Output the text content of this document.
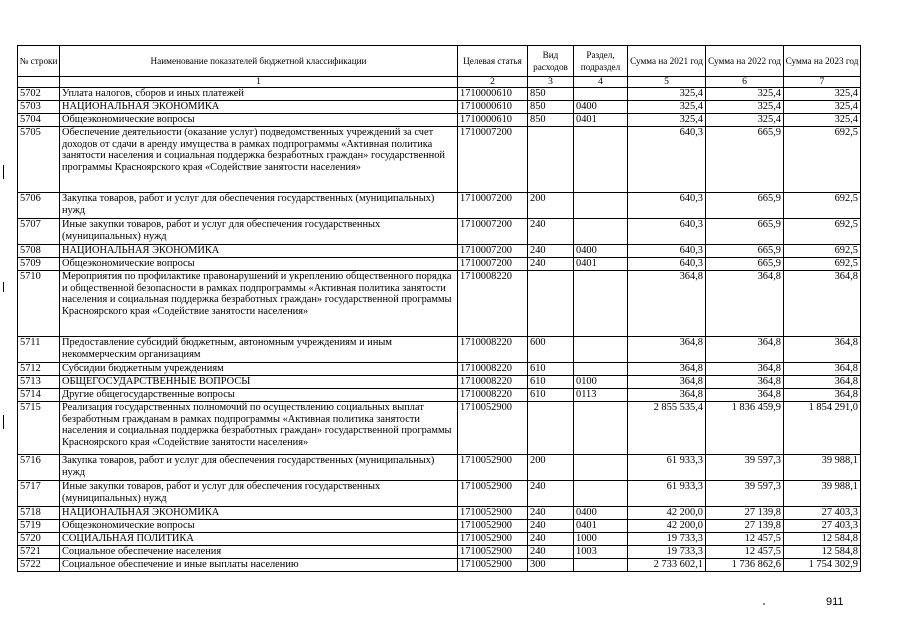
№ строки	Наименование показателей бюджетной классификации	Целевая статья	Вид расходов	Раздел, подраздел	Сумма на 2021 год	Сумма на 2022 год	Сумма на 2023 год
	1	2	3	4	5	6	7
5702	Уплата налогов, сборов и иных платежей	1710000610	850		325,4	325,4	325,4
5703	НАЦИОНАЛЬНАЯ ЭКОНОМИКА	1710000610	850	0400	325,4	325,4	325,4
5704	Общеэкономические вопросы	1710000610	850	0401	325,4	325,4	325,4
5705	Обеспечение деятельности (оказание услуг) подведомственных учреждений за счет доходов от сдачи в аренду имущества в рамках подпрограммы «Активная политика занятости населения и социальная поддержка безработных граждан» государственной программы Красноярского края «Содействие занятости населения»	1710007200			640,3	665,9	692,5
5706	Закупка товаров, работ и услуг для обеспечения государственных (муниципальных) нужд	1710007200	200		640,3	665,9	692,5
5707	Иные закупки товаров, работ и услуг для обеспечения государственных (муниципальных) нужд	1710007200	240		640,3	665,9	692,5
5708	НАЦИОНАЛЬНАЯ ЭКОНОМИКА	1710007200	240	0400	640,3	665,9	692,5
5709	Общеэкономические вопросы	1710007200	240	0401	640,3	665,9	692,5
5710	Мероприятия по профилактике правонарушений и укреплению общественного порядка и общественной безопасности в рамках подпрограммы «Активная политика занятости населения и социальная поддержка безработных граждан» государственной программы Красноярского края «Содействие занятости населения»	1710008220			364,8	364,8	364,8
5711	Предоставление субсидий бюджетным, автономным учреждениям и иным некоммерческим организациям	1710008220	600		364,8	364,8	364,8
5712	Субсидии бюджетным учреждениям	1710008220	610		364,8	364,8	364,8
5713	ОБЩЕГОСУДАРСТВЕННЫЕ ВОПРОСЫ	1710008220	610	0100	364,8	364,8	364,8
5714	Другие общегосударственные вопросы	1710008220	610	0113	364,8	364,8	364,8
5715	Реализация государственных полномочий по осуществлению социальных выплат безработным гражданам в рамках подпрограммы «Активная политика занятости населения и социальная поддержка безработных граждан» государственной программы Красноярского края «Содействие занятости населения»	1710052900			2 855 535,4	1 836 459,9	1 854 291,0
5716	Закупка товаров, работ и услуг для обеспечения государственных (муниципальных) нужд	1710052900	200		61 933,3	39 597,3	39 988,1
5717	Иные закупки товаров, работ и услуг для обеспечения государственных (муниципальных) нужд	1710052900	240		61 933,3	39 597,3	39 988,1
5718	НАЦИОНАЛЬНАЯ ЭКОНОМИКА	1710052900	240	0400	42 200,0	27 139,8	27 403,3
5719	Общеэкономические вопросы	1710052900	240	0401	42 200,0	27 139,8	27 403,3
5720	СОЦИАЛЬНАЯ ПОЛИТИКА	1710052900	240	1000	19 733,3	12 457,5	12 584,8
5721	Социальное обеспечение населения	1710052900	240	1003	19 733,3	12 457,5	12 584,8
5722	Социальное обеспечение и иные выплаты населению	1710052900	300		2 733 602,1	1 736 862,6	1 754 302,9
911
